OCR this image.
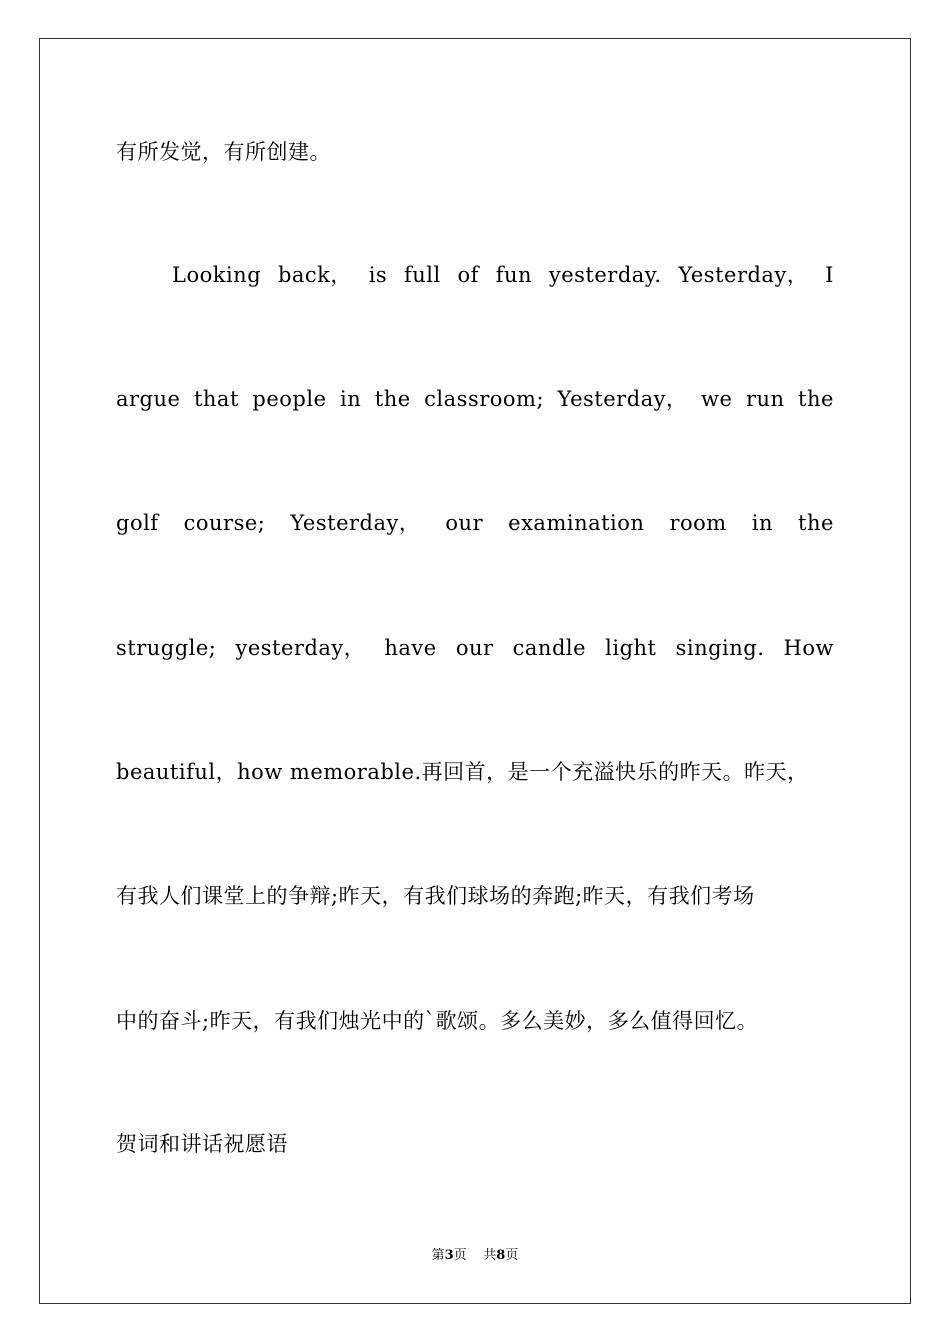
有所发觉，有所创建。
Looking back， is full of fun yesterday. Yesterday， I
argue that people in the classroom; Yesterday， we run the
golf course; Yesterday， our examination room in the
struggle; yesterday， have our candle light singing. How
beautiful，how memorable.再回首，是一个充溢快乐的昨天。昨天，
有我人们课堂上的争辩;昨天，有我们球场的奔跑;昨天，有我们考场
中的奋斗;昨天，有我们烛光中的`歌颂。多么美妙，多么值得回忆。
贺词和讲话祝愿语
第3页 共8页
